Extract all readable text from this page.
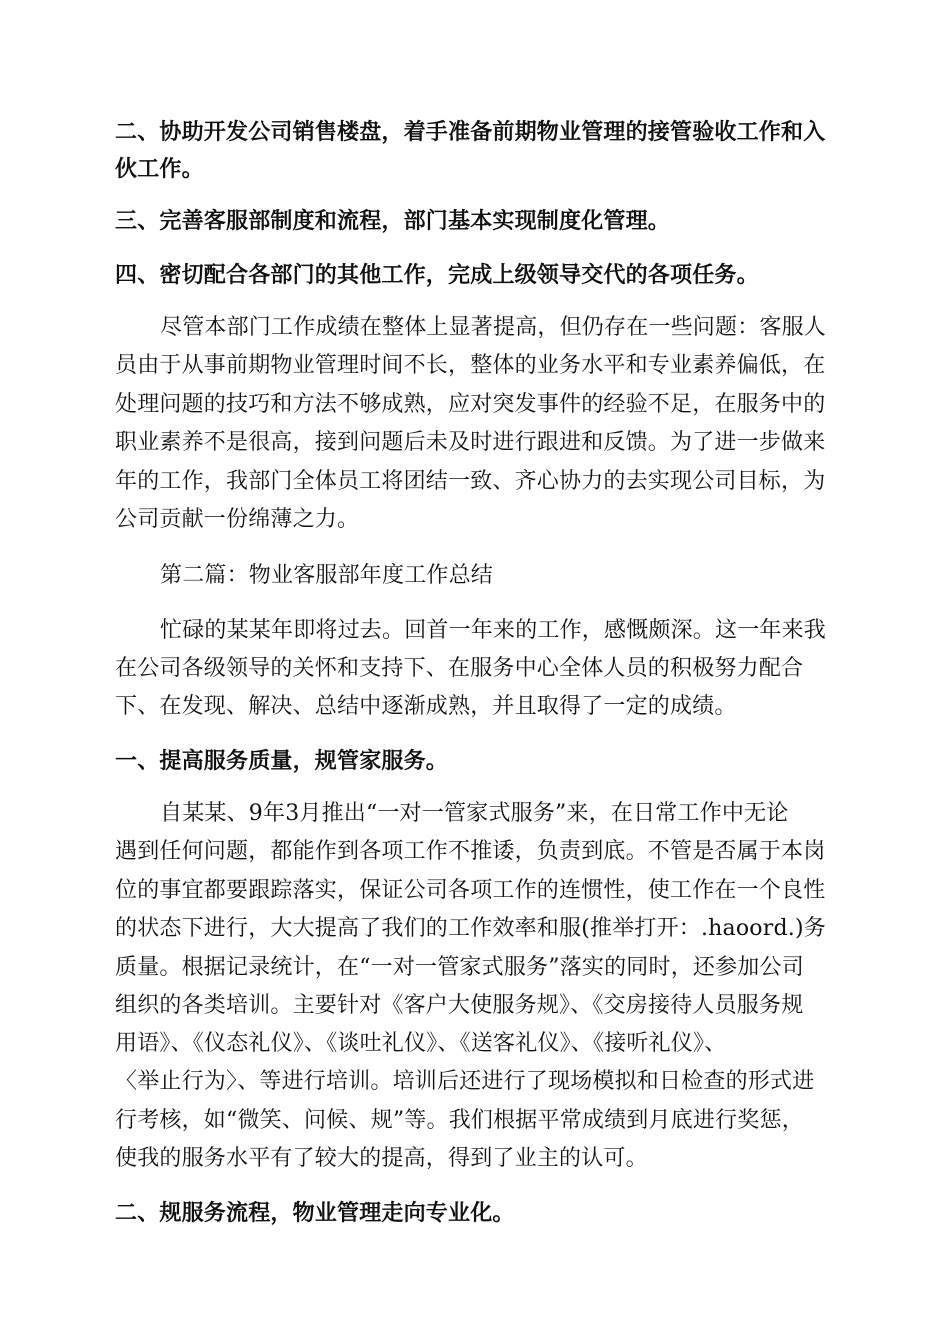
二、协助开发公司销售楼盘，着手准备前期物业管理的接管验收工作和入
伙工作。
三、完善客服部制度和流程，部门基本实现制度化管理。
四、密切配合各部门的其他工作，完成上级领导交代的各项任务。
尽管本部门工作成绩在整体上显著提高，但仍存在一些问题：客服人
员由于从事前期物业管理时间不长，整体的业务水平和专业素养偏低，在
处理问题的技巧和方法不够成熟，应对突发事件的经验不足，在服务中的
职业素养不是很高，接到问题后未及时进行跟进和反馈。为了进一步做来
年的工作，我部门全体员工将团结一致、齐心协力的去实现公司目标，为
公司贡献一份绵薄之力。
第二篇：物业客服部年度工作总结
忙碌的某某年即将过去。回首一年来的工作，感慨颇深。这一年来我
在公司各级领导的关怀和支持下、在服务中心全体人员的积极努力配合
下、在发现、解决、总结中逐渐成熟，并且取得了一定的成绩。
一、提高服务质量，规管家服务。
自某某、9年3月推出“一对一管家式服务”来，在日常工作中无论
遇到任何问题，都能作到各项工作不推诿，负责到底。不管是否属于本岗
位的事宜都要跟踪落实，保证公司各项工作的连惯性，使工作在一个良性
的状态下进行，大大提高了我们的工作效率和服(推举打开：.haoord.)务
质量。根据记录统计，在“一对一管家式服务”落实的同时，还参加公司
组织的各类培训。主要针对《客户大使服务规》、《交房接待人员服务规
用语》、《仪态礼仪》、《谈吐礼仪》、《送客礼仪》、《接听礼仪》、
〈举止行为〉、等进行培训。培训后还进行了现场模拟和日检查的形式进
行考核，如“微笑、问候、规”等。我们根据平常成绩到月底进行奖惩，
使我的服务水平有了较大的提高，得到了业主的认可。
二、规服务流程，物业管理走向专业化。
